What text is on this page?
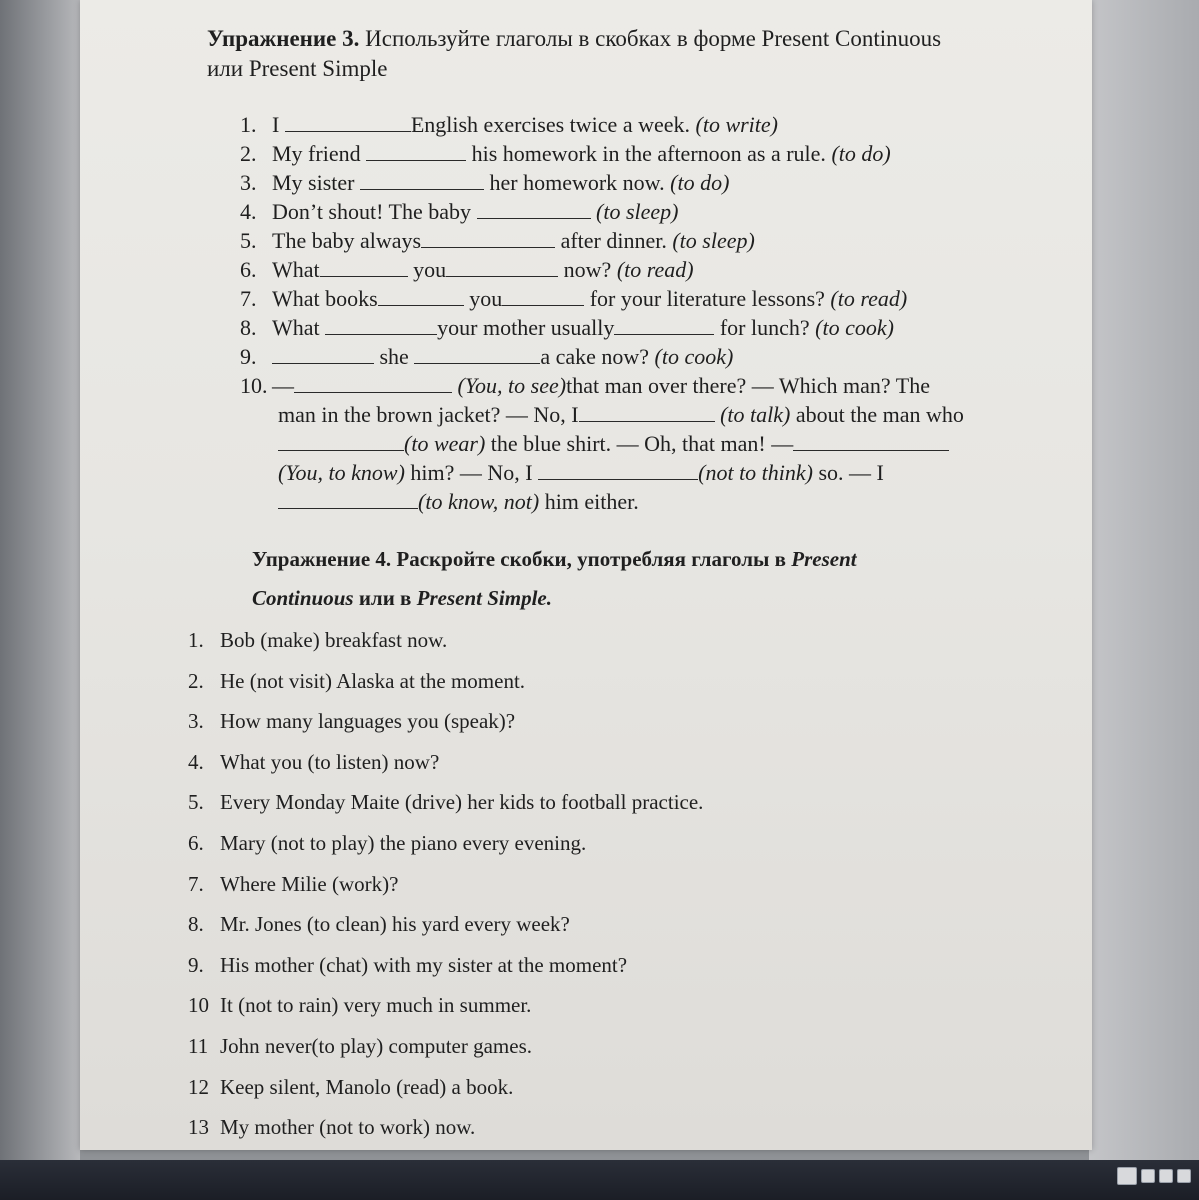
Упражнение 3. Используйте глаголы в скобках в форме Present Continuous
или Present Simple
1. I	English exercises twice a week. (to write)
2. My friend	his homework in the afternoon as a rule. (to do)
3. My sister	her homework now. (to do)
4. Don’t shout! The baby	(to sleep)
5. The baby always	after dinner. (to sleep)
6. What	you	now? (to read)
7. What books	you	for your literature lessons? (to read)
8. What	your mother usually	for lunch? (to cook)
9.	she	a cake now? (to cook)
10. —	(You, to see)that man over there? — Which man? The
man in the brown jacket? — No, I	(to talk) about the man who
(to wear) the blue shirt. — Oh, that man! —
(You, to know) him? — No, I	(not to think) so. — I
(to know, not) him either.
Упражнение 4. Раскройте скобки, употребляя глаголы в Present
Continuous или в Present Simple.
1. Bob (make) breakfast now.
2. He (not visit) Alaska at the moment.
3. How many languages you (speak)?
4. What you (to listen) now?
5. Every Monday Maite (drive) her kids to football practice.
6. Mary (not to play) the piano every evening.
7. Where Milie (work)?
8. Mr. Jones (to clean) his yard every week?
9. His mother (chat) with my sister at the moment?
10 It (not to rain) very much in summer.
11 John never(to play) computer games.
12 Keep silent, Manolo (read) a book.
13 My mother (not to work) now.
